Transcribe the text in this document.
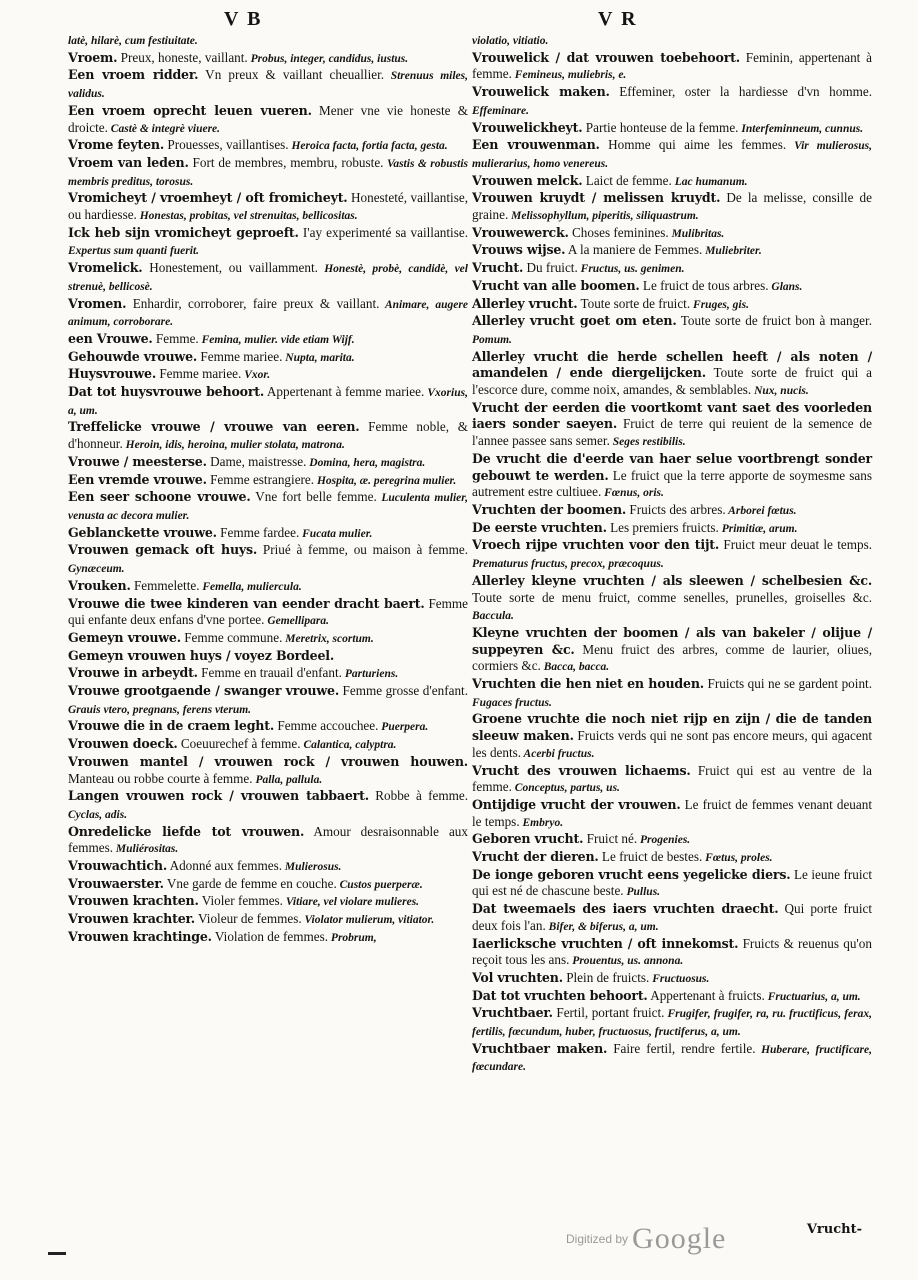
V B	V R

latè, hilarè, cum festiuitate.

Vroem. Preux, honeste, vaillant. Probus, integer, candidus, iustus.

Een vroem ridder. Vn preux & vaillant cheuallier. Strenuus miles, validus.

Een vroem oprecht leuen vueren. Mener vne vie honeste & droicte. Castè & integrè viuere.

Vrome feyten. Prouesses, vaillantises. Heroica facta, fortia facta, gesta.

Vroem van leden. Fort de membres, membru, robuste. Vastis & robustis membris preditus, torosus.

Vromicheyt / vroemheyt / oft fromicheyt. Honesteté, vaillantise, ou hardiesse. Honestas, probitas, vel strenuitas, bellicositas.

Ick heb sijn vromicheyt geproeft. I'ay experimenté sa vaillantise. Expertus sum quanti fuerit.

Vromelick. Honestement, ou vaillamment. Honestè, probè, candidè, vel strenuè, bellicosè.

Vromen. Enhardir, corroborer, faire preux & vaillant. Animare, augere animum, corroborare.

een Vrouwe. Femme. Femina, mulier. vide etiam Wijf.

Gehouwde vrouwe. Femme mariee. Nupta, marita.

Huysvrouwe. Femme mariee. Vxor.

Dat tot huysvrouwe behoort. Appertenant à femme mariee. Vxorius, a, um.

Treffelicke vrouwe / vrouwe van eeren. Femme noble, & d'honneur. Heroin, idis, heroina, mulier stolata, matrona.

Vrouwe / meesterse. Dame, maistresse. Domina, hera, magistra.

Een vremde vrouwe. Femme estrangiere. Hospita, æ. peregrina mulier.

Een seer schoone vrouwe. Vne fort belle femme. Luculenta mulier, venusta ac decora mulier.

Geblanckette vrouwe. Femme fardee. Fucata mulier.

Vrouwen gemack oft huys. Priué à femme, ou maison à femme. Gynæceum.

Vrouken. Femmelette. Femella, muliercula.

Vrouwe die twee kinderen van eender dracht baert. Femme qui enfante deux enfans d'vne portee. Gemellipara.

Gemeyn vrouwe. Femme commune. Meretrix, scortum.

Gemeyn vrouwen huys / voyez Bordeel.

Vrouwe in arbeydt. Femme en trauail d'enfant. Parturiens.

Vrouwe grootgaende / swanger vrouwe. Femme grosse d'enfant. Grauis vtero, pregnans, ferens vterum.

Vrouwe die in de craem leght. Femme accouchee. Puerpera.

Vrouwen doeck. Coeuurechef à femme. Calantica, calyptra.

Vrouwen mantel / vrouwen rock / vrouwen houwen. Manteau ou robbe courte à femme. Palla, pallula.

Langen vrouwen rock / vrouwen tabbaert. Robbe à femme. Cyclas, adis.

Onredelicke liefde tot vrouwen. Amour desraisonnable aux femmes. Muliérositas.

Vrouwachtich. Adonné aux femmes. Mulierosus.

Vrouwaerster. Vne garde de femme en couche. Custos puerperæ.

Vrouwen krachten. Violer femmes. Vitiare, vel violare mulieres.

Vrouwen krachter. Violeur de femmes. Violator mulierum, vitiator.

Vrouwen krachtinge. Violation de femmes. Probrum,

violatio, vitiatio.

Vrouwelick / dat vrouwen toebehoort. Feminin, appertenant à femme. Femineus, muliebris, e.

Vrouwelick maken. Effeminer, oster la hardiesse d'vn homme. Effeminare.

Vrouwelickheyt. Partie honteuse de la femme. Interfeminneum, cunnus.

Een vrouwenman. Homme qui aime les femmes. Vir mulierosus, mulierarius, homo venereus.

Vrouwen melck. Laict de femme. Lac humanum.

Vrouwen kruydt / melissen kruydt. De la melisse, consille de graine. Melissophyllum, piperitis, siliquastrum.

Vrouwewerck. Choses feminines. Mulibritas.

Vrouws wijse. A la maniere de Femmes. Muliebriter.

Vrucht. Du fruict. Fructus, us. genimen.

Vrucht van alle boomen. Le fruict de tous arbres. Glans.

Allerley vrucht. Toute sorte de fruict. Fruges, gis.

Allerley vrucht goet om eten. Toute sorte de fruict bon à manger. Pomum.

Allerley vrucht die herde schellen heeft / als noten / amandelen / ende diergelijcken. Toute sorte de fruict qui a l'escorce dure, comme noix, amandes, & semblables. Nux, nucis.

Vrucht der eerden die voortkomt vant saet des voorleden iaers sonder saeyen. Fruict de terre qui reuient de la semence de l'annee passee sans semer. Seges restibilis.

De vrucht die d'eerde van haer selue voortbrengt sonder gebouwt te werden. Le fruict que la terre apporte de soymesme sans autrement estre cultiuee. Fœnus, oris.

Vruchten der boomen. Fruicts des arbres. Arborei fœtus.

De eerste vruchten. Les premiers fruicts. Primitiæ, arum.

Vroech rijpe vruchten voor den tijt. Fruict meur deuat le temps. Prematurus fructus, precox, præcoquus.

Allerley kleyne vruchten / als sleewen / schelbesien &c. Toute sorte de menu fruict, comme senelles, prunelles, groiselles &c. Baccula.

Kleyne vruchten der boomen / als van bakeler / olijue / suppeyren &c. Menu fruict des arbres, comme de laurier, oliues, cormiers &c. Bacca, bacca.

Vruchten die hen niet en houden. Fruicts qui ne se gardent point. Fugaces fructus.

Groene vruchte die noch niet rijp en zijn / die de tanden sleeuw maken. Fruicts verds qui ne sont pas encore meurs, qui agacent les dents. Acerbi fructus.

Vrucht des vrouwen lichaems. Fruict qui est au ventre de la femme. Conceptus, partus, us.

Ontijdige vrucht der vrouwen. Le fruict de femmes venant deuant le temps. Embryo.

Geboren vrucht. Fruict né. Progenies.

Vrucht der dieren. Le fruict de bestes. Fœtus, proles.

De ionge geboren vrucht eens yegelicke diers. Le ieune fruict qui est né de chascune beste. Pullus.

Dat tweemaels des iaers vruchten draecht. Qui porte fruict deux fois l'an. Bifer, & biferus, a, um.

Iaerlicksche vruchten / oft innekomst. Fruicts & reuenus qu'on reçoit tous les ans. Prouentus, us. annona.

Vol vruchten. Plein de fruicts. Fructuosus.

Dat tot vruchten behoort. Appertenant à fruicts. Fructuarius, a, um.

Vruchtbaer. Fertil, portant fruict. Frugifer, frugifer, ra, ru. fructificus, ferax, fertilis, fœcundum, huber, fructuosus, fructiferus, a, um.

Vruchtbaer maken. Faire fertil, rendre fertile. Huberare, fructificare, fœcundare.

Vrucht-
Digitized by Google
